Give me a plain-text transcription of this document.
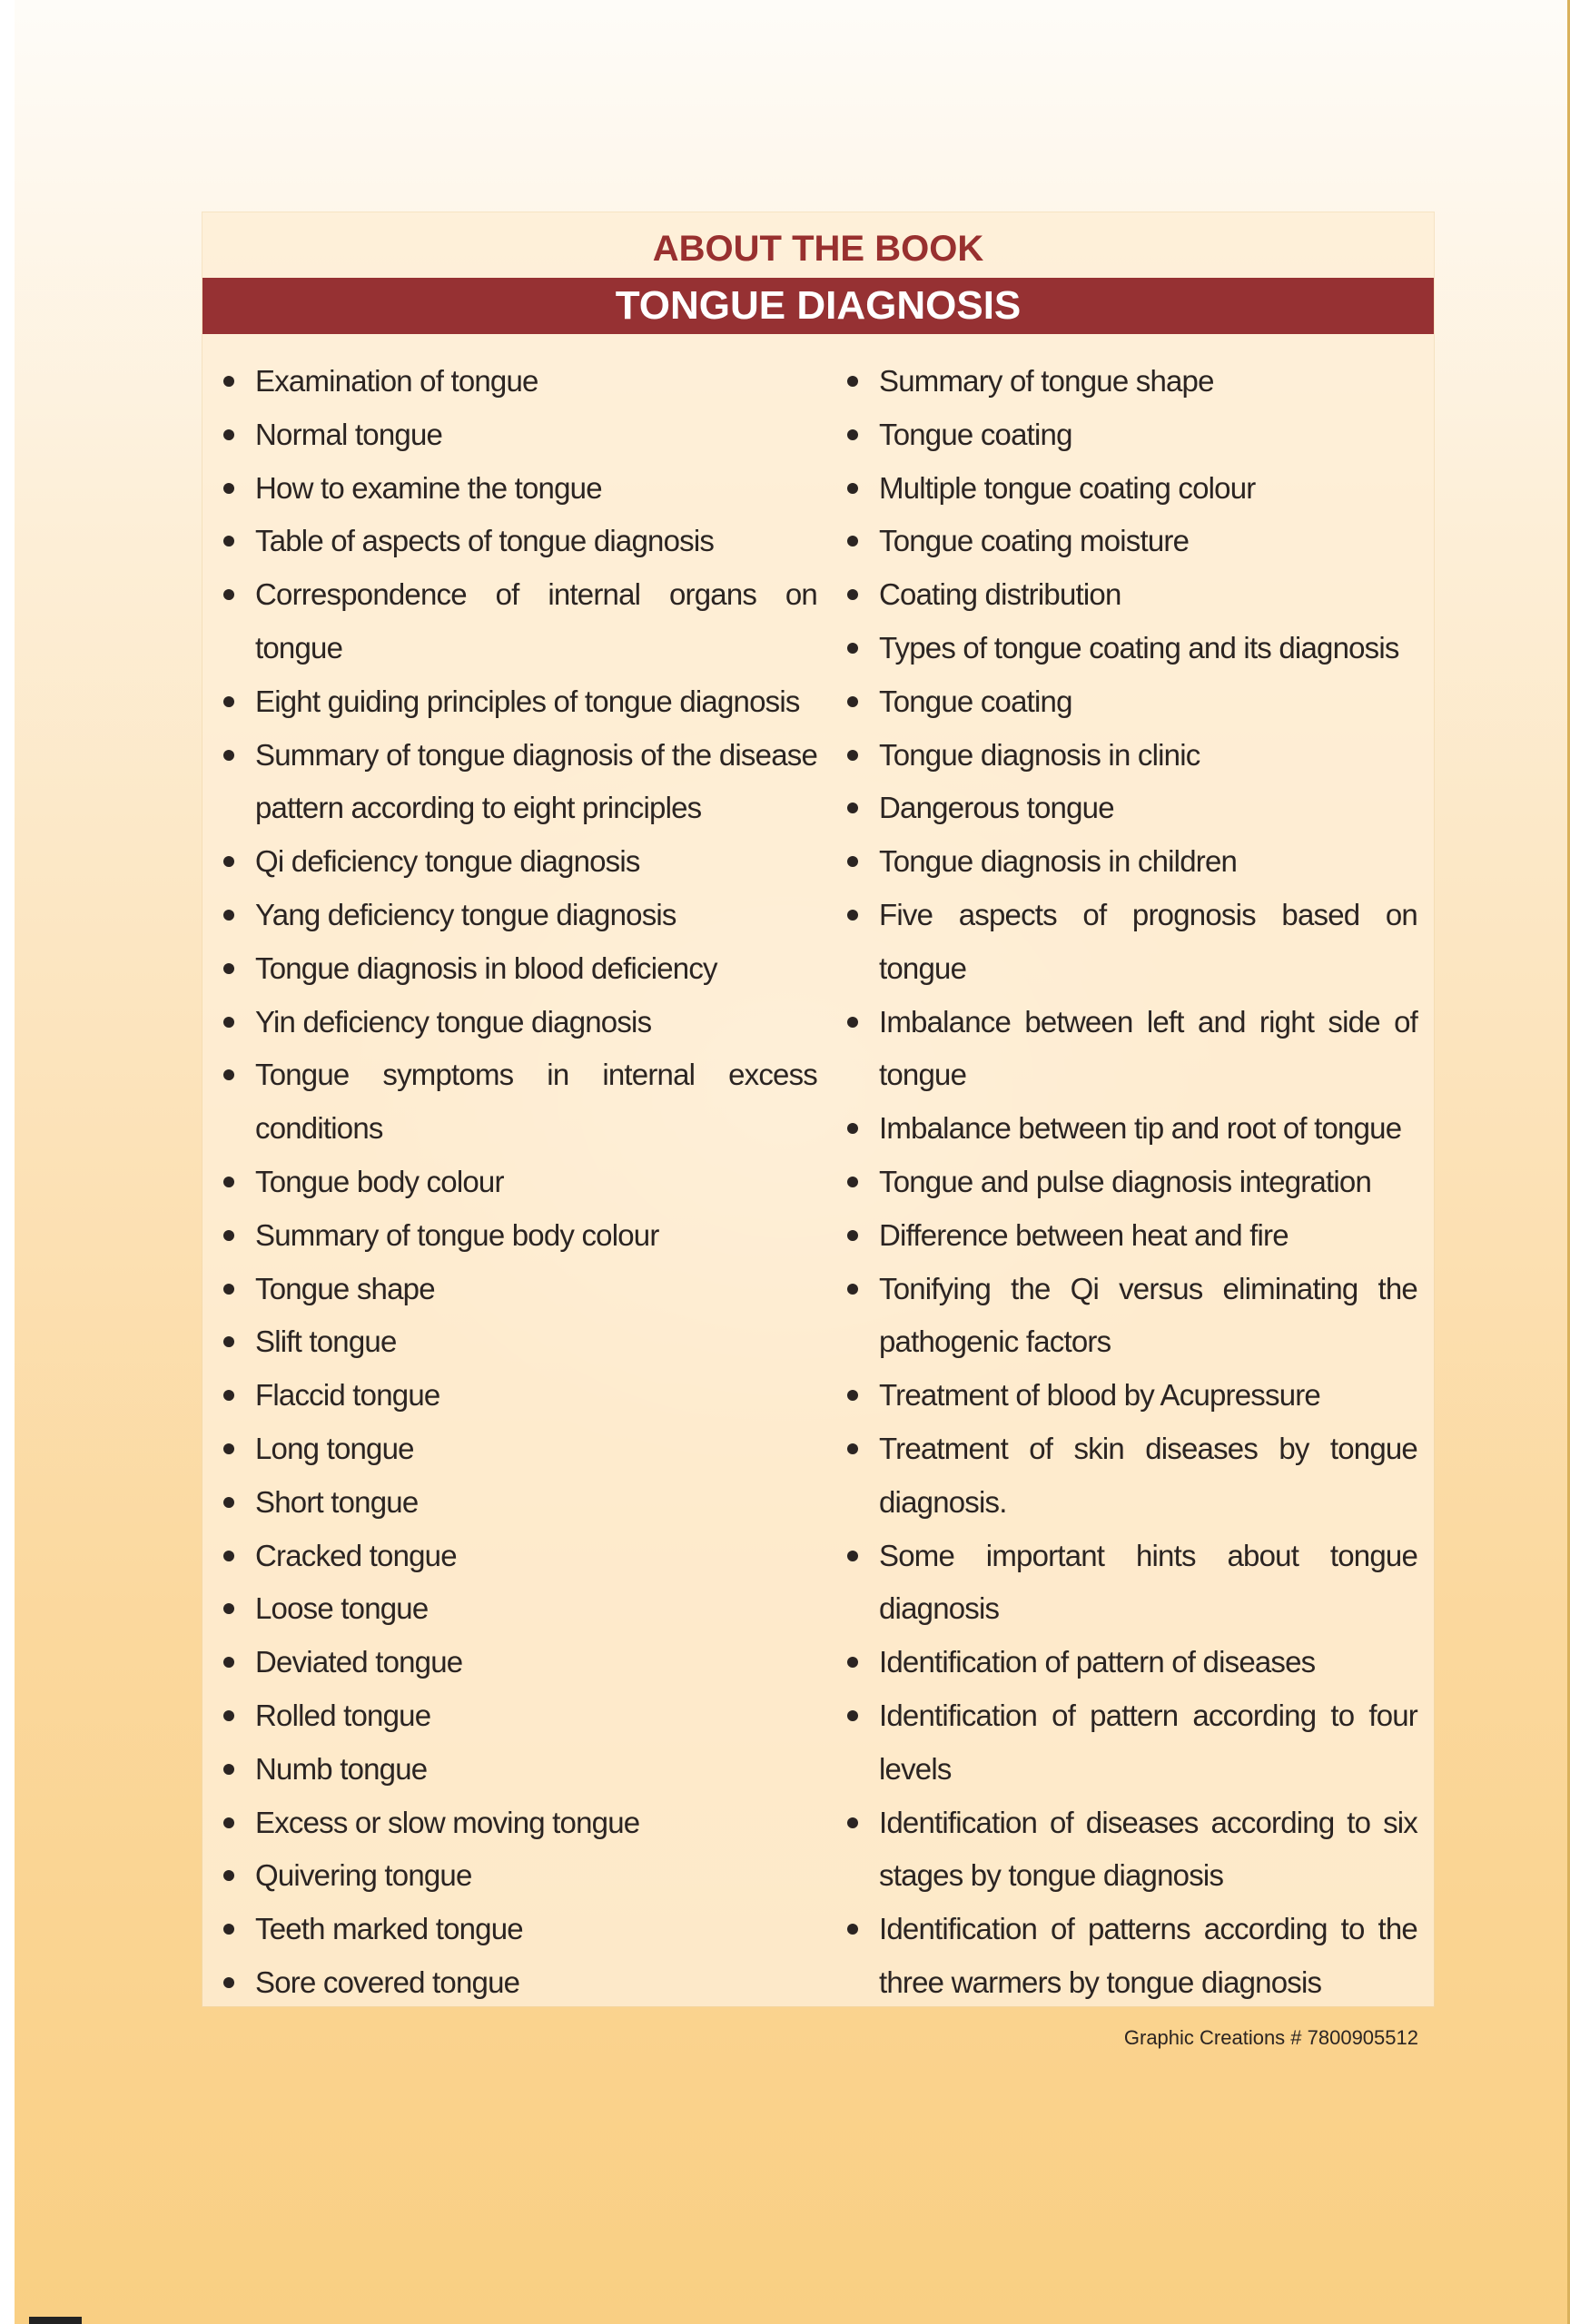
ABOUT THE BOOK
TONGUE DIAGNOSIS
Examination of tongue
Normal tongue
How to examine the tongue
Table of aspects of tongue diagnosis
Correspondence of internal organs on tongue
Eight guiding principles of tongue diagnosis
Summary of tongue diagnosis of the disease pattern according to eight principles
Qi deficiency tongue diagnosis
Yang deficiency tongue diagnosis
Tongue diagnosis in blood deficiency
Yin deficiency tongue diagnosis
Tongue symptoms in internal excess conditions
Tongue body colour
Summary of tongue body colour
Tongue shape
Slift tongue
Flaccid tongue
Long tongue
Short tongue
Cracked tongue
Loose tongue
Deviated tongue
Rolled tongue
Numb tongue
Excess or slow moving tongue
Quivering tongue
Teeth marked tongue
Sore covered tongue
Summary of tongue shape
Tongue coating
Multiple tongue coating colour
Tongue coating moisture
Coating distribution
Types of tongue coating and its diagnosis
Tongue coating
Tongue diagnosis in clinic
Dangerous tongue
Tongue diagnosis in children
Five aspects of prognosis based on tongue
Imbalance between left and right side of tongue
Imbalance between tip and root of tongue
Tongue and pulse diagnosis integration
Difference between heat and fire
Tonifying the Qi versus eliminating the pathogenic factors
Treatment of blood by Acupressure
Treatment of skin diseases by tongue diagnosis.
Some important hints about tongue diagnosis
Identification of pattern of diseases
Identification of pattern according to four levels
Identification of diseases according to six stages by tongue diagnosis
Identification of patterns according to the three warmers by tongue diagnosis
Graphic Creations # 7800905512
